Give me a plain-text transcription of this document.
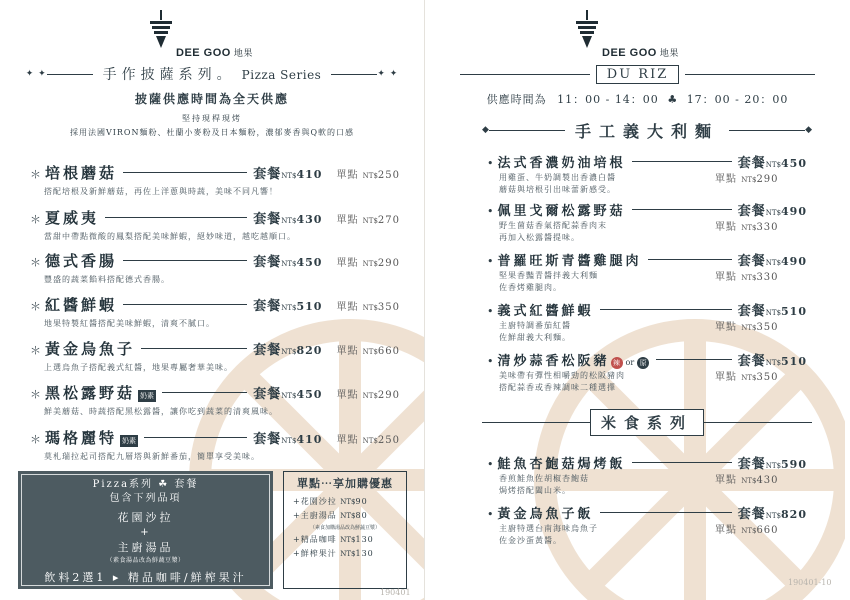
DEE GOO 地果
✦ ✦	手作披薩系列。 Pizza Series	✦ ✦
披薩供應時間為全天供應
堅持現桿現烤
採用法國VIRON麵粉、杜蘭小麥粉及日本麵粉，濃郁麥香與Q軟的口感
＊ 培根蘑菇	套餐NT$410 單點 NT$250
搭配培根及新鮮蘑菇，再佐上洋蔥與時蔬，美味不同凡響！
＊ 夏威夷	套餐NT$430 單點 NT$270
當甜中帶點微酸的鳳梨搭配美味鮮蝦，絕妙味道，越吃越順口。
＊ 德式香腸	套餐NT$450 單點 NT$290
豐盛的蔬菜餡料搭配德式香腸。
＊ 紅醬鮮蝦	套餐NT$510 單點 NT$350
地果特製紅醬搭配美味鮮蝦，清爽不膩口。
＊ 黃金烏魚子	套餐NT$820 單點 NT$660
上選烏魚子搭配義式紅醬，地果專屬奢華美味。
＊ 黑松露野菇 奶素	套餐NT$450 單點 NT$290
鮮美蘑菇、時蔬搭配黑松露醬，讓你吃到蔬菜的清爽風味。
＊ 瑪格麗特 奶素	套餐NT$410 單點 NT$250
莫札瑞拉起司搭配九層塔與新鮮番茄，簡單享受美味。
Pizza系列 ☘ 套餐
包含下列品項
花園沙拉
+
主廚湯品
（素食湯品改為鮮蔬豆漿）
飲料2選1 ▸ 精品咖啡/鮮榨果汁
單點⋯享加購優惠
+花園沙拉 NT$90
+主廚湯品 NT$80
（素食加購湯品改為鮮蔬豆漿）
+精品咖啡 NT$130
+鮮榨果汁 NT$130
190401
DEE GOO 地果
DU RIZ
供應時間為 11：00 - 14：00 ♣ 17：00 - 20：00
◆	手工義大利麵	◆
• 法式香濃奶油培根	套餐NT$450
用雞蛋、牛奶調製出香濃白醬
蘑菇與培根引出味蕾新感受。
單點 NT$290
• 佩里戈爾松露野菇	套餐NT$490
野生菌菇香氣搭配蒜香肉末
再加入松露醬提味。
單點 NT$330
• 普羅旺斯青醬雞腿肉	套餐NT$490
堅果香豔青醬拌義大利麵
佐香烤雞腿肉。
單點 NT$330
• 義式紅醬鮮蝦	套餐NT$510
主廚特調番茄紅醬
佐鮮甜義大利麵。
單點 NT$350
• 清炒蒜香松阪豬 辣 or 原	套餐NT$510
美味帶有彈性相嚼勁的松阪豬肉
搭配蒜香或香辣調味二種選擇
單點 NT$350
米食系列
• 鮭魚杏鮑菇焗烤飯	套餐NT$590
香煎鮭魚佐胡椒杏鮑菇
焗烤搭配闔山米。
單點 NT$430
• 黃金烏魚子飯	套餐NT$820
主廚特選台南海味烏魚子
佐金沙蛋黃醬。
單點 NT$660
190401-10
